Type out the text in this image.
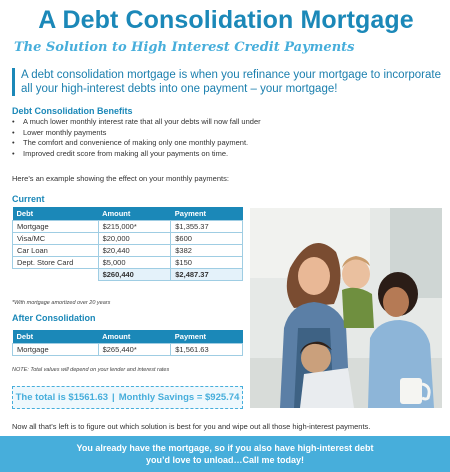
A Debt Consolidation Mortgage
The Solution to High Interest Credit Payments
A debt consolidation mortgage is when you refinance your mortgage to incorporate all your high-interest debts into one payment – your mortgage!
Debt Consolidation Benefits
• A much lower monthly interest rate that all your debts will now fall under
• Lower monthly payments
• The comfort and convenience of making only one monthly payment.
• Improved credit score from making all your payments on time.
Here’s an example showing the effect on your monthly payments:
Current
Debt	Amount	Payment
Mortgage	$215,000*	$1,355.37
Visa/MC	$20,000	$600
Car Loan	$20,440	$382
Dept. Store Card	$5,000	$150
	$260,440	$2,487.37
*With mortgage amortized over 20 years
After Consolidation
Debt	Amount	Payment
Mortgage	$265,440*	$1,561.63
NOTE: Total values will depend on your lender and interest rates
The total is $1561.63 | Monthly Savings = $925.74
Now all that’s left is to figure out which solution is best for you and wipe out all those high-interest payments.
You already have the mortgage, so if you also have high-interest debt
you’d love to unload…Call me today!
